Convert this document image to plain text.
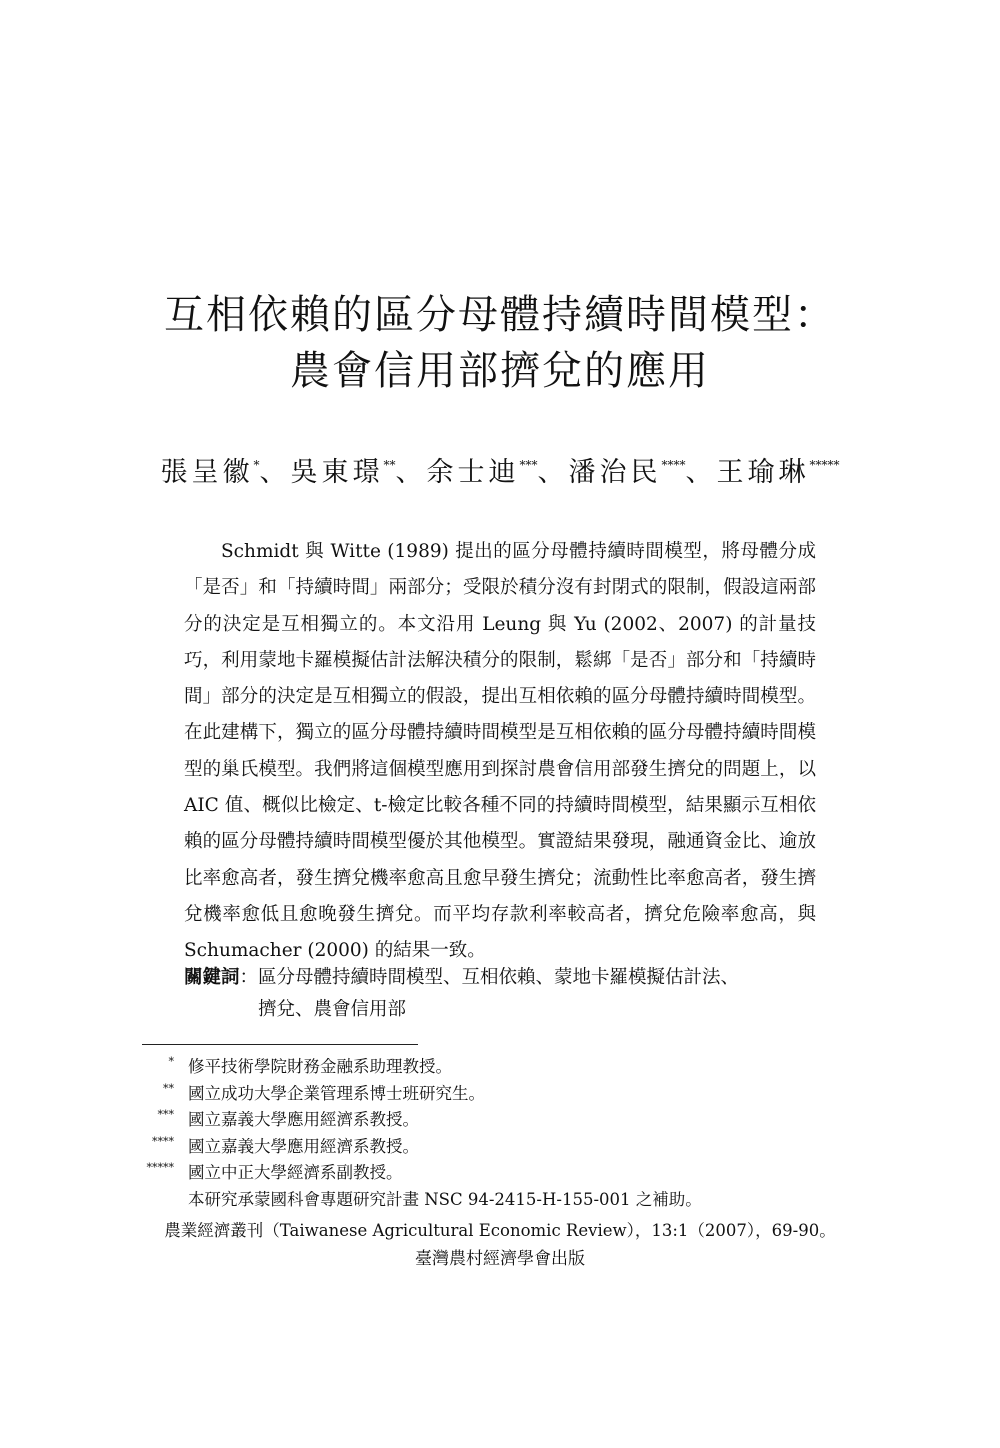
互相依賴的區分母體持續時間模型：
農會信用部擠兌的應用
張呈徽*、吳東璟**、余士迪***、潘治民****、王瑜琳*****

Schmidt 與 Witte (1989) 提出的區分母體持續時間模型，將母體分成「是否」和「持續時間」兩部分；受限於積分沒有封閉式的限制，假設這兩部分的決定是互相獨立的。本文沿用 Leung 與 Yu (2002、2007) 的計量技巧，利用蒙地卡羅模擬估計法解決積分的限制，鬆綁「是否」部分和「持續時間」部分的決定是互相獨立的假設，提出互相依賴的區分母體持續時間模型。在此建構下，獨立的區分母體持續時間模型是互相依賴的區分母體持續時間模型的巢氏模型。我們將這個模型應用到探討農會信用部發生擠兌的問題上，以 AIC 值、概似比檢定、t-檢定比較各種不同的持續時間模型，結果顯示互相依賴的區分母體持續時間模型優於其他模型。實證結果發現，融通資金比、逾放比率愈高者，發生擠兌機率愈高且愈早發生擠兌；流動性比率愈高者，發生擠兌機率愈低且愈晚發生擠兌。而平均存款利率較高者，擠兌危險率愈高，與 Schumacher (2000) 的結果一致。

關鍵詞 ： 區分母體持續時間模型、互相依賴、蒙地卡羅模擬估計法、
擠兌、農會信用部
* 修平技術學院財務金融系助理教授。
** 國立成功大學企業管理系博士班研究生。
*** 國立嘉義大學應用經濟系教授。
**** 國立嘉義大學應用經濟系教授。
***** 國立中正大學經濟系副教授。
本研究承蒙國科會專題研究計畫 NSC 94-2415-H-155-001 之補助。
農業經濟叢刊（Taiwanese Agricultural Economic Review），13:1（2007），69-90。
臺灣農村經濟學會出版
